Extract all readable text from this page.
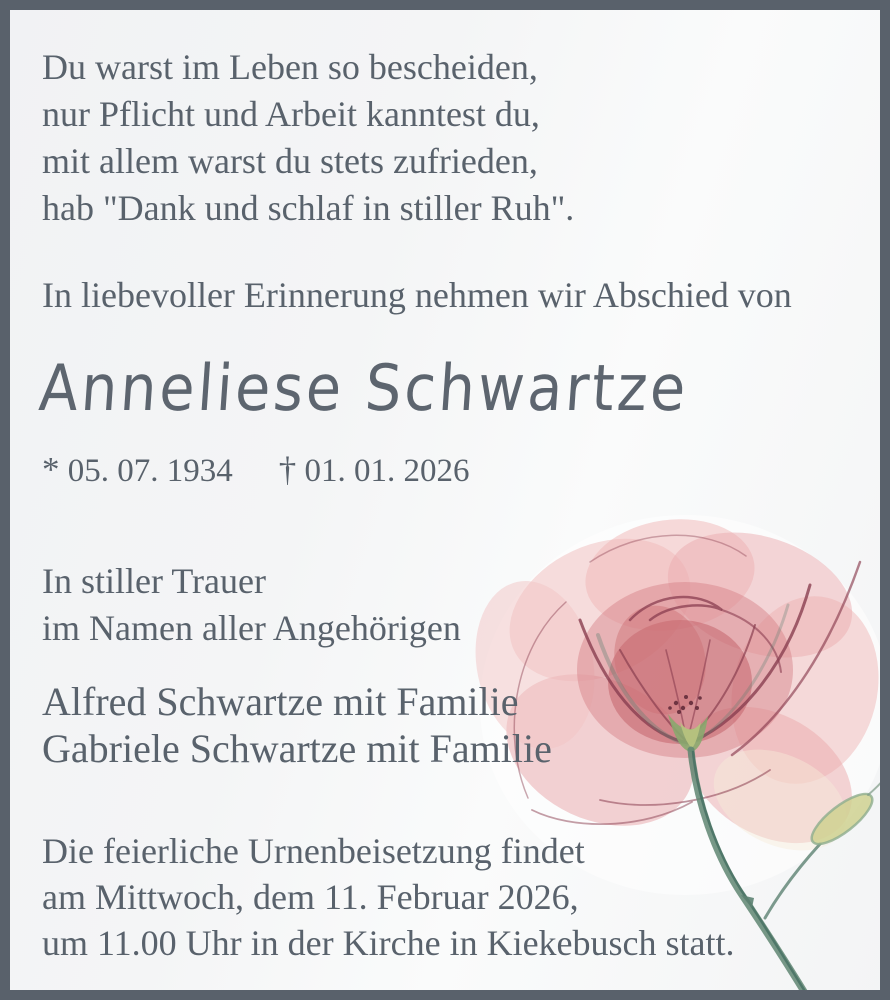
Du warst im Leben so bescheiden,
nur Pflicht und Arbeit kanntest du,
mit allem warst du stets zufrieden,
hab "Dank und schlaf in stiller Ruh".
In liebevoller Erinnerung nehmen wir Abschied von
Anneliese Schwartze
* 05. 07. 1934 † 01. 01. 2026
In stiller Trauer
im Namen aller Angehörigen
Alfred Schwartze mit Familie
Gabriele Schwartze mit Familie
Die feierliche Urnenbeisetzung findet
am Mittwoch, dem 11. Februar 2026,
um 11.00 Uhr in der Kirche in Kiekebusch statt.
